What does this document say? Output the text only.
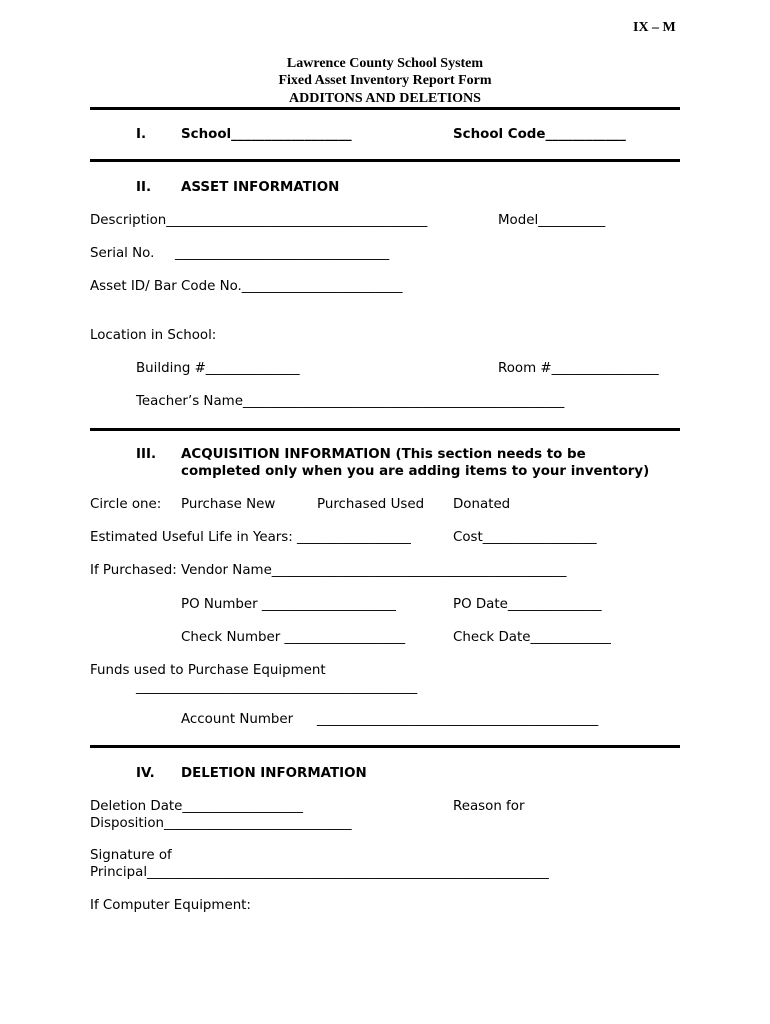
IX – M
Lawrence County School System
Fixed Asset Inventory Report Form
ADDITONS AND DELETIONS
I.	School__________________	School Code____________
II. ASSET INFORMATION
Description_______________________________________	Model__________
Serial No. ________________________________
Asset ID/ Bar Code No.________________________
Location in School:
Building #______________	Room #________________
Teacher’s Name________________________________________________
III. ACQUISITION INFORMATION (This section needs to be
completed only when you are adding items to your inventory)
Circle one: Purchase New	Purchased Used Donated
Estimated Useful Life in Years: _________________	Cost_________________
If Purchased: Vendor Name____________________________________________
PO Number ____________________	PO Date______________
Check Number __________________	Check Date____________
Funds used to Purchase Equipment
__________________________________________
Account Number __________________________________________
IV. DELETION INFORMATION
Deletion Date__________________	Reason for
Disposition____________________________
Signature of
Principal____________________________________________________________
If Computer Equipment:
